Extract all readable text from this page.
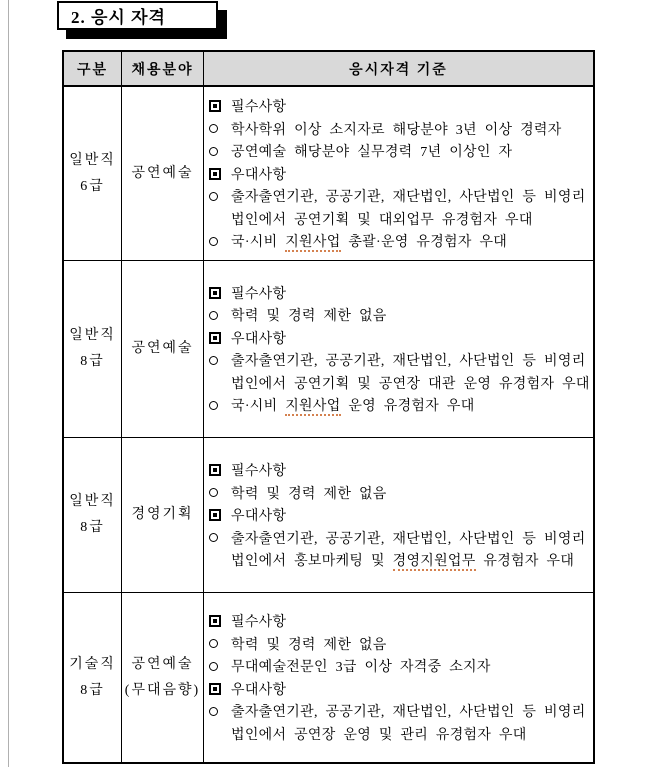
2. 응시 자격
구분	채용분야	응시자격 기준
일반직
6급
공연예술
필수사항
학사학위 이상 소지자로 해당분야 3년 이상 경력자
공연예술 해당분야 실무경력 7년 이상인 자
우대사항
출자출연기관, 공공기관, 재단법인, 사단법인 등 비영리
법인에서 공연기획 및 대외업무 유경험자 우대
국·시비 지원사업 총괄·운영 유경험자 우대
일반직
8급
공연예술
필수사항
학력 및 경력 제한 없음
우대사항
출자출연기관, 공공기관, 재단법인, 사단법인 등 비영리
법인에서 공연기획 및 공연장 대관 운영 유경험자 우대
국·시비 지원사업 운영 유경험자 우대
일반직
8급
경영기획
필수사항
학력 및 경력 제한 없음
우대사항
출자출연기관, 공공기관, 재단법인, 사단법인 등 비영리
법인에서 홍보마케팅 및 경영지원업무 유경험자 우대
기술직
8급
공연예술
(무대음향)
필수사항
학력 및 경력 제한 없음
무대예술전문인 3급 이상 자격중 소지자
우대사항
출자출연기관, 공공기관, 재단법인, 사단법인 등 비영리
법인에서 공연장 운영 및 관리 유경험자 우대
